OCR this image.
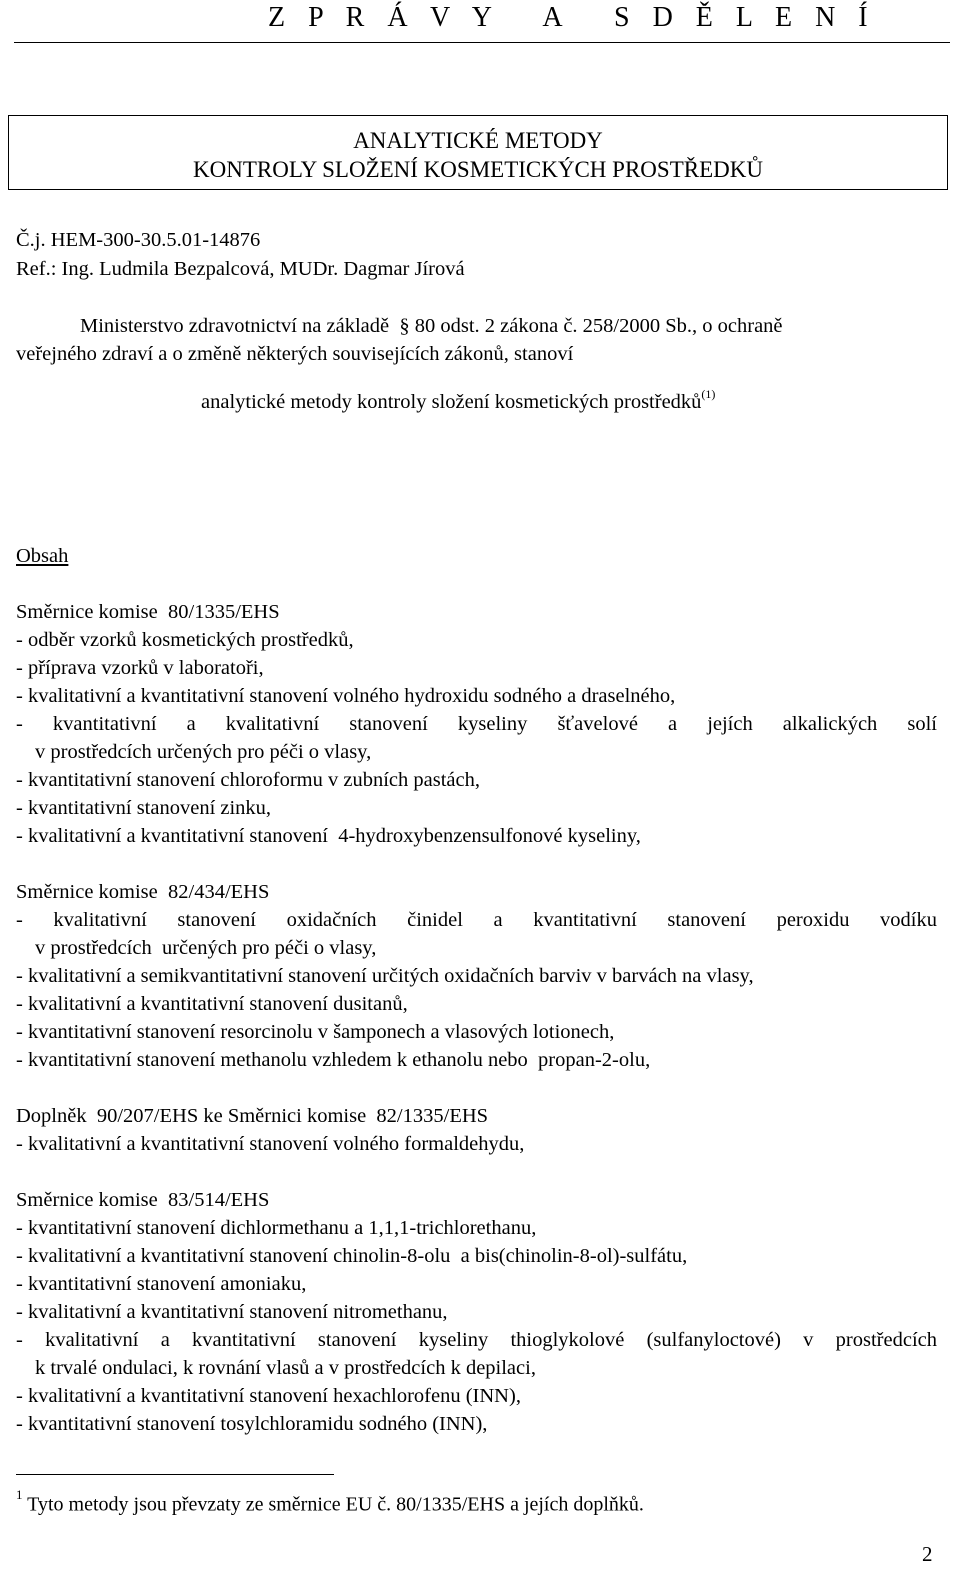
Z P R Á V Y   A   S D Ě L E N Í
ANALYTICKÉ METODY
KONTROLY SLOŽENÍ KOSMETICKÝCH PROSTŘEDKŮ
Č.j. HEM-300-30.5.01-14876
Ref.: Ing. Ludmila Bezpalcová, MUDr. Dagmar Jírová
Ministerstvo zdravotnictví na základě  § 80 odst. 2 zákona č. 258/2000 Sb., o ochraně
veřejného zdraví a o změně některých souvisejících zákonů, stanoví
analytické metody kontroly složení kosmetických prostředků$^{(1)}$
Obsah
Směrnice komise  80/1335/EHS
- odběr vzorků kosmetických prostředků,
- příprava vzorků v laboratoři,
- kvalitativní a kvantitativní stanovení volného hydroxidu sodného a draselného,
- kvantitativní a kvalitativní stanovení kyseliny šťavelové a jejích alkalických solí
v prostředcích určených pro péči o vlasy,
- kvantitativní stanovení chloroformu v zubních pastách,
- kvantitativní stanovení zinku,
- kvalitativní a kvantitativní stanovení  4-hydroxybenzensulfonové kyseliny,
Směrnice komise  82/434/EHS
- kvalitativní stanovení oxidačních činidel a kvantitativní stanovení peroxidu vodíku
v prostředcích  určených pro péči o vlasy,
- kvalitativní a semikvantitativní stanovení určitých oxidačních barviv v barvách na vlasy,
- kvalitativní a kvantitativní stanovení dusitanů,
- kvantitativní stanovení resorcinolu v šamponech a vlasových lotionech,
- kvantitativní stanovení methanolu vzhledem k ethanolu nebo  propan-2-olu,
Doplněk  90/207/EHS ke Směrnici komise  82/1335/EHS
- kvalitativní a kvantitativní stanovení volného formaldehydu,
Směrnice komise  83/514/EHS
- kvantitativní stanovení dichlormethanu a 1,1,1-trichlorethanu,
- kvalitativní a kvantitativní stanovení chinolin-8-olu  a bis(chinolin-8-ol)-sulfátu,
- kvantitativní stanovení amoniaku,
- kvalitativní a kvantitativní stanovení nitromethanu,
- kvalitativní a kvantitativní stanovení kyseliny thioglykolové (sulfanyloctové) v prostředcích
k trvalé ondulaci, k rovnání vlasů a v prostředcích k depilaci,
- kvalitativní a kvantitativní stanovení hexachlorofenu (INN),
- kvantitativní stanovení tosylchloramidu sodného (INN),
$^1$ Tyto metody jsou převzaty ze směrnice EU č. 80/1335/EHS a jejích doplňků.
2
